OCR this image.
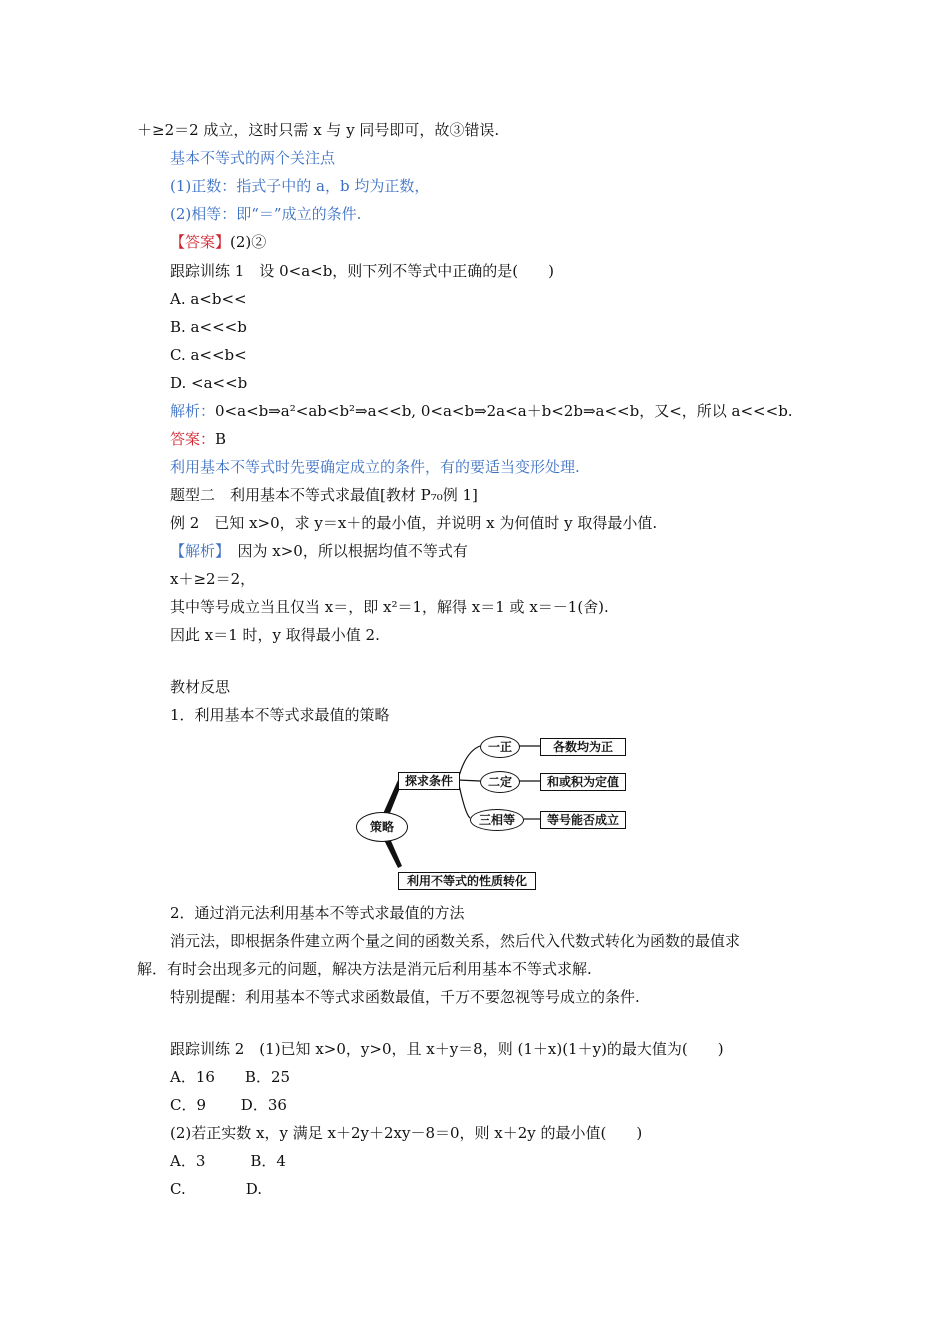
＋≥2＝2 成立，这时只需 x 与 y 同号即可，故③错误.
基本不等式的两个关注点
(1)正数：指式子中的 a，b 均为正数，
(2)相等：即“＝”成立的条件.
【答案】(2)②
跟踪训练 1　设 0<a<b，则下列不等式中正确的是(　　)
A. a<b<<
B. a<<<b
C. a<<b<
D. <a<<b
解析：0<a<b⇒a²<ab<b²⇒a<<b, 0<a<b⇒2a<a＋b<2b⇒a<<b，又<，所以 a<<<b.
答案：B
利用基本不等式时先要确定成立的条件，有的要适当变形处理.
题型二　利用基本不等式求最值[教材 P₇₀例 1]
例 2　已知 x>0，求 y＝x＋的最小值，并说明 x 为何值时 y 取得最小值.
【解析】　因为 x>0，所以根据均值不等式有
x＋≥2＝2，
其中等号成立当且仅当 x＝，即 x²＝1，解得 x＝1 或 x＝－1(舍).
因此 x＝1 时，y 取得最小值 2.
教材反思
1．利用基本不等式求最值的策略
策略
探求条件
一正
二定
三相等
各数均为正
和或积为定值
等号能否成立
利用不等式的性质转化
2．通过消元法利用基本不等式求最值的方法
消元法，即根据条件建立两个量之间的函数关系，然后代入代数式转化为函数的最值求
解．有时会出现多元的问题，解决方法是消元后利用基本不等式求解.
特别提醒：利用基本不等式求函数最值，千万不要忽视等号成立的条件.
跟踪训练 2　(1)已知 x>0，y>0，且 x＋y＝8，则 (1＋x)(1＋y)的最大值为(　　)
A．16　　B．25
C．9　　 D．36
(2)若正实数 x，y 满足 x＋2y＋2xy－8＝0，则 x＋2y 的最小值(　　)
A．3　　　B．4
C.　　　　D.
